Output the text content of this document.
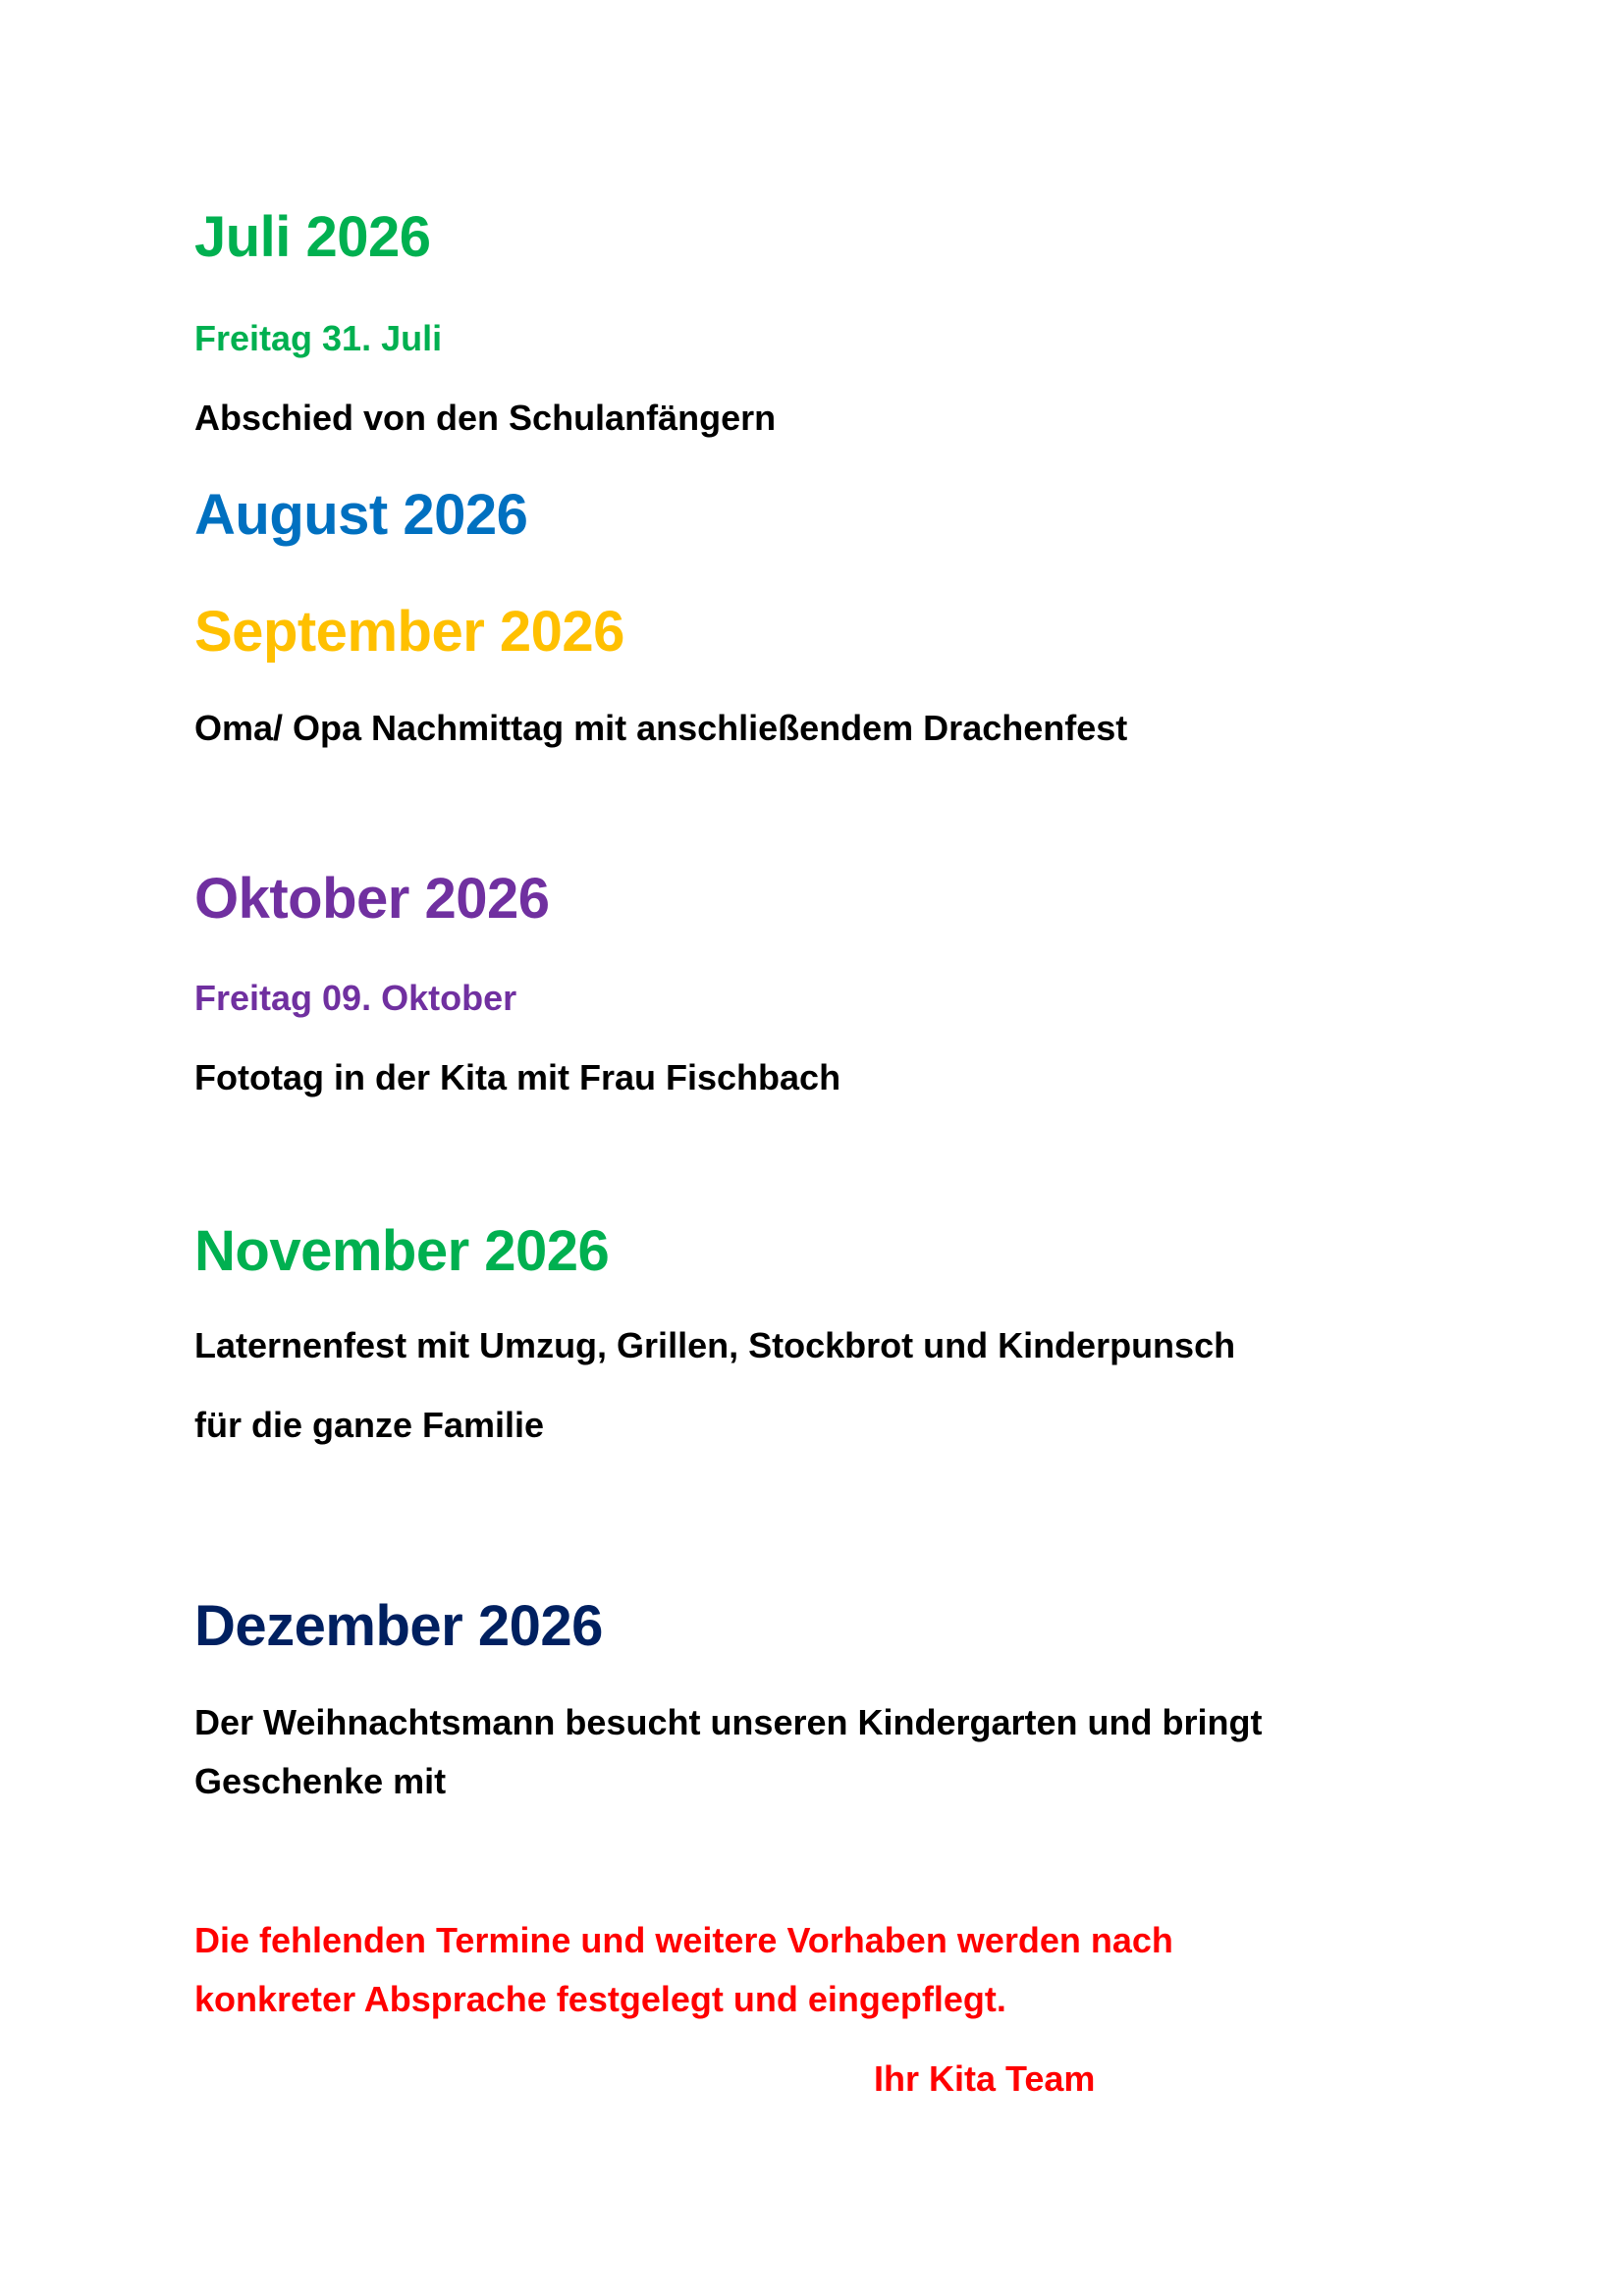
Juli 2026
Freitag 31. Juli
Abschied von den Schulanfängern
August 2026
September 2026
Oma/ Opa Nachmittag mit anschließendem Drachenfest
Oktober 2026
Freitag 09. Oktober
Fototag in der Kita mit Frau Fischbach
November 2026
Laternenfest mit Umzug, Grillen, Stockbrot und Kinderpunsch
für die ganze Familie
Dezember 2026
Der Weihnachtsmann besucht unseren Kindergarten und bringt
Geschenke mit
Die fehlenden Termine und weitere Vorhaben werden nach
konkreter Absprache festgelegt und eingepflegt.
Ihr Kita Team
